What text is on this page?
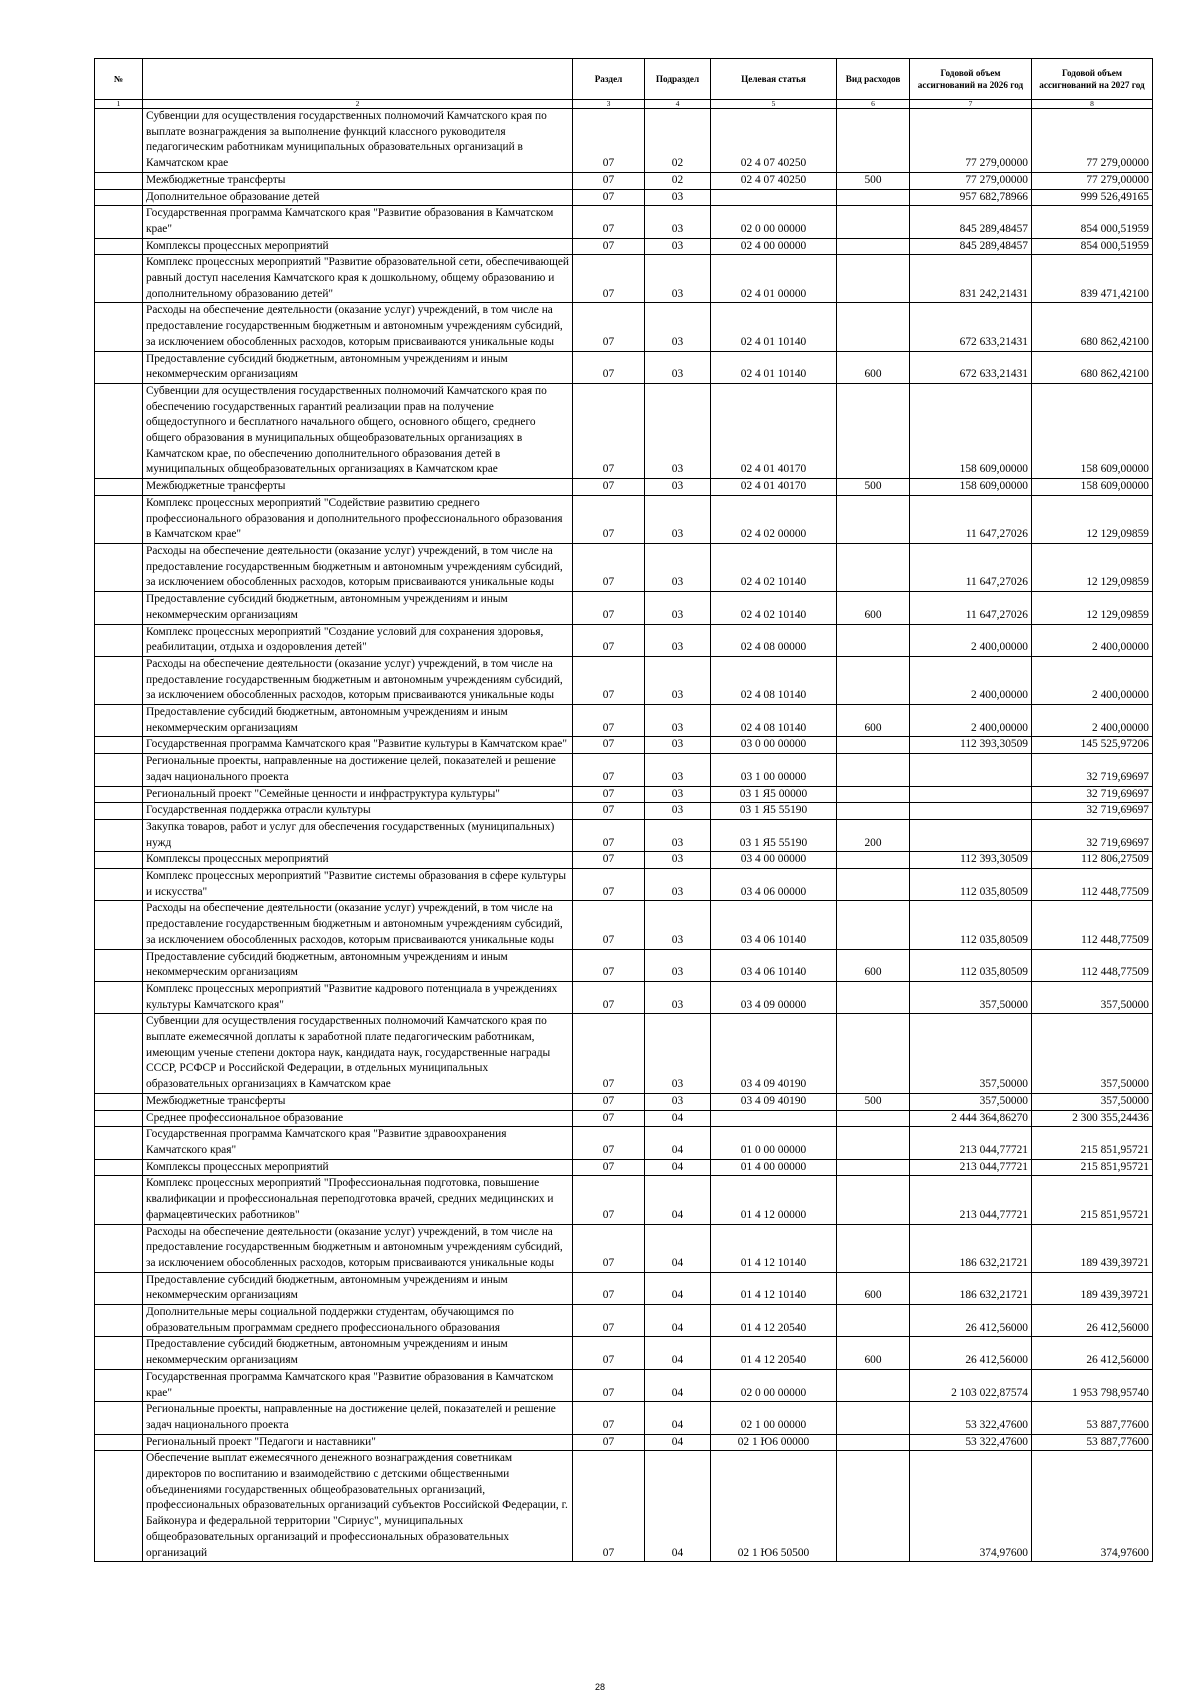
№		Раздел	Подраздел	Целевая статья	Вид расходов	Годовой объем ассигнований на 2026 год	Годовой объем ассигнований на 2027 год
1	2	3	4	5	6	7	8
	Субвенции для осуществления государственных полномочий Камчатского края по выплате вознаграждения за выполнение функций классного руководителя педагогическим работникам муниципальных образовательных организаций в Камчатском крае	07	02	02 4 07 40250		77 279,00000	77 279,00000
	Межбюджетные трансферты	07	02	02 4 07 40250	500	77 279,00000	77 279,00000
	Дополнительное образование детей	07	03			957 682,78966	999 526,49165
	Государственная программа Камчатского края "Развитие образования в Камчатском крае"	07	03	02 0 00 00000		845 289,48457	854 000,51959
	Комплексы процессных мероприятий	07	03	02 4 00 00000		845 289,48457	854 000,51959
	Комплекс процессных мероприятий "Развитие образовательной сети, обеспечивающей равный доступ населения Камчатского края к дошкольному, общему образованию и дополнительному образованию детей"	07	03	02 4 01 00000		831 242,21431	839 471,42100
	Расходы на обеспечение деятельности (оказание услуг) учреждений, в том числе на предоставление государственным бюджетным и автономным учреждениям субсидий, за исключением обособленных расходов, которым присваиваются уникальные коды	07	03	02 4 01 10140		672 633,21431	680 862,42100
	Предоставление субсидий бюджетным, автономным учреждениям и иным некоммерческим организациям	07	03	02 4 01 10140	600	672 633,21431	680 862,42100
	Субвенции для осуществления государственных полномочий Камчатского края по обеспечению государственных гарантий реализации прав на получение общедоступного и бесплатного начального общего, основного общего, среднего общего образования в муниципальных общеобразовательных организациях в Камчатском крае, по обеспечению дополнительного образования детей в муниципальных общеобразовательных организациях в Камчатском крае	07	03	02 4 01 40170		158 609,00000	158 609,00000
	Межбюджетные трансферты	07	03	02 4 01 40170	500	158 609,00000	158 609,00000
	Комплекс процессных мероприятий "Содействие развитию среднего профессионального образования и дополнительного профессионального образования в Камчатском крае"	07	03	02 4 02 00000		11 647,27026	12 129,09859
	Расходы на обеспечение деятельности (оказание услуг) учреждений, в том числе на предоставление государственным бюджетным и автономным учреждениям субсидий, за исключением обособленных расходов, которым присваиваются уникальные коды	07	03	02 4 02 10140		11 647,27026	12 129,09859
	Предоставление субсидий бюджетным, автономным учреждениям и иным некоммерческим организациям	07	03	02 4 02 10140	600	11 647,27026	12 129,09859
	Комплекс процессных мероприятий "Создание условий для сохранения здоровья, реабилитации, отдыха и оздоровления детей"	07	03	02 4 08 00000		2 400,00000	2 400,00000
	Расходы на обеспечение деятельности (оказание услуг) учреждений, в том числе на предоставление государственным бюджетным и автономным учреждениям субсидий, за исключением обособленных расходов, которым присваиваются уникальные коды	07	03	02 4 08 10140		2 400,00000	2 400,00000
	Предоставление субсидий бюджетным, автономным учреждениям и иным некоммерческим организациям	07	03	02 4 08 10140	600	2 400,00000	2 400,00000
	Государственная программа Камчатского края "Развитие культуры в Камчатском крае"	07	03	03 0 00 00000		112 393,30509	145 525,97206
	Региональные проекты, направленные на достижение целей, показателей и решение задач национального проекта	07	03	03 1 00 00000			32 719,69697
	Региональный проект "Семейные ценности и инфраструктура культуры"	07	03	03 1 Я5 00000			32 719,69697
	Государственная поддержка отрасли культуры	07	03	03 1 Я5 55190			32 719,69697
	Закупка товаров, работ и услуг для обеспечения государственных (муниципальных) нужд	07	03	03 1 Я5 55190	200		32 719,69697
	Комплексы процессных мероприятий	07	03	03 4 00 00000		112 393,30509	112 806,27509
	Комплекс процессных мероприятий "Развитие системы образования в сфере культуры и искусства"	07	03	03 4 06 00000		112 035,80509	112 448,77509
	Расходы на обеспечение деятельности (оказание услуг) учреждений, в том числе на предоставление государственным бюджетным и автономным учреждениям субсидий, за исключением обособленных расходов, которым присваиваются уникальные коды	07	03	03 4 06 10140		112 035,80509	112 448,77509
	Предоставление субсидий бюджетным, автономным учреждениям и иным некоммерческим организациям	07	03	03 4 06 10140	600	112 035,80509	112 448,77509
	Комплекс процессных мероприятий "Развитие кадрового потенциала в учреждениях культуры Камчатского края"	07	03	03 4 09 00000		357,50000	357,50000
	Субвенции для осуществления государственных полномочий Камчатского края по выплате ежемесячной доплаты к заработной плате педагогическим работникам, имеющим ученые степени доктора наук, кандидата наук, государственные награды СССР, РСФСР и Российской Федерации, в отдельных муниципальных образовательных организациях в Камчатском крае	07	03	03 4 09 40190		357,50000	357,50000
	Межбюджетные трансферты	07	03	03 4 09 40190	500	357,50000	357,50000
	Среднее профессиональное образование	07	04			2 444 364,86270	2 300 355,24436
	Государственная программа Камчатского края "Развитие здравоохранения Камчатского края"	07	04	01 0 00 00000		213 044,77721	215 851,95721
	Комплексы процессных мероприятий	07	04	01 4 00 00000		213 044,77721	215 851,95721
	Комплекс процессных мероприятий "Профессиональная подготовка, повышение квалификации и профессиональная переподготовка врачей, средних медицинских и фармацевтических работников"	07	04	01 4 12 00000		213 044,77721	215 851,95721
	Расходы на обеспечение деятельности (оказание услуг) учреждений, в том числе на предоставление государственным бюджетным и автономным учреждениям субсидий, за исключением обособленных расходов, которым присваиваются уникальные коды	07	04	01 4 12 10140		186 632,21721	189 439,39721
	Предоставление субсидий бюджетным, автономным учреждениям и иным некоммерческим организациям	07	04	01 4 12 10140	600	186 632,21721	189 439,39721
	Дополнительные меры социальной поддержки студентам, обучающимся по образовательным программам среднего профессионального образования	07	04	01 4 12 20540		26 412,56000	26 412,56000
	Предоставление субсидий бюджетным, автономным учреждениям и иным некоммерческим организациям	07	04	01 4 12 20540	600	26 412,56000	26 412,56000
	Государственная программа Камчатского края "Развитие образования в Камчатском крае"	07	04	02 0 00 00000		2 103 022,87574	1 953 798,95740
	Региональные проекты, направленные на достижение целей, показателей и решение задач национального проекта	07	04	02 1 00 00000		53 322,47600	53 887,77600
	Региональный проект "Педагоги и наставники"	07	04	02 1 Ю6 00000		53 322,47600	53 887,77600
	Обеспечение выплат ежемесячного денежного вознаграждения советникам директоров по воспитанию и взаимодействию с детскими общественными объединениями государственных общеобразовательных организаций, профессиональных образовательных организаций субъектов Российской Федерации, г. Байконура и федеральной территории "Сириус", муниципальных общеобразовательных организаций и профессиональных образовательных организаций	07	04	02 1 Ю6 50500		374,97600	374,97600
28
